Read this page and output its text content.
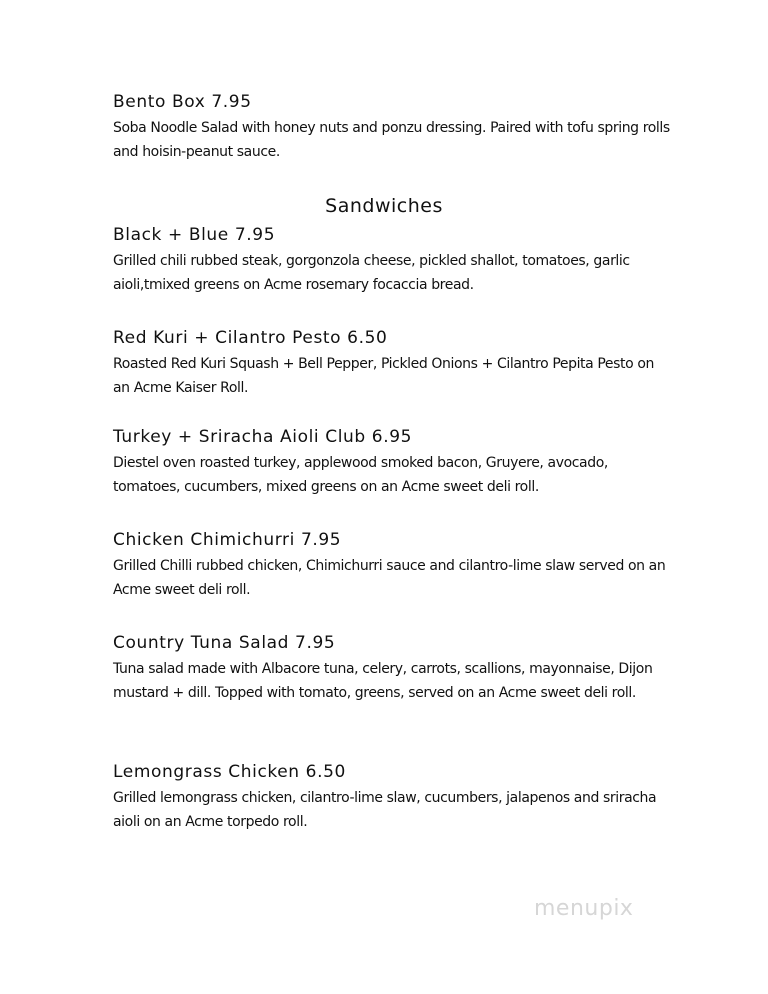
Bento Box 7.95

Soba Noodle Salad with honey nuts and ponzu dressing. Paired with tofu spring rolls and hoisin-peanut sauce.

Sandwiches

Black + Blue 7.95

Grilled chili rubbed steak, gorgonzola cheese, pickled shallot, tomatoes, garlic aioli,tmixed greens on Acme rosemary focaccia bread.

Red Kuri + Cilantro Pesto 6.50

Roasted Red Kuri Squash + Bell Pepper, Pickled Onions + Cilantro Pepita Pesto on an Acme Kaiser Roll.

Turkey + Sriracha Aioli Club 6.95

Diestel oven roasted turkey, applewood smoked bacon, Gruyere, avocado, tomatoes, cucumbers, mixed greens on an Acme sweet deli roll.

Chicken Chimichurri 7.95

Grilled Chilli rubbed chicken, Chimichurri sauce and cilantro-lime slaw served on an Acme sweet deli roll.

Country Tuna Salad 7.95

Tuna salad made with Albacore tuna, celery, carrots, scallions, mayonnaise, Dijon mustard + dill. Topped with tomato, greens, served on an Acme sweet deli roll.

Lemongrass Chicken 6.50

Grilled lemongrass chicken, cilantro-lime slaw, cucumbers, jalapenos and sriracha aioli on an Acme torpedo roll.

menupix
